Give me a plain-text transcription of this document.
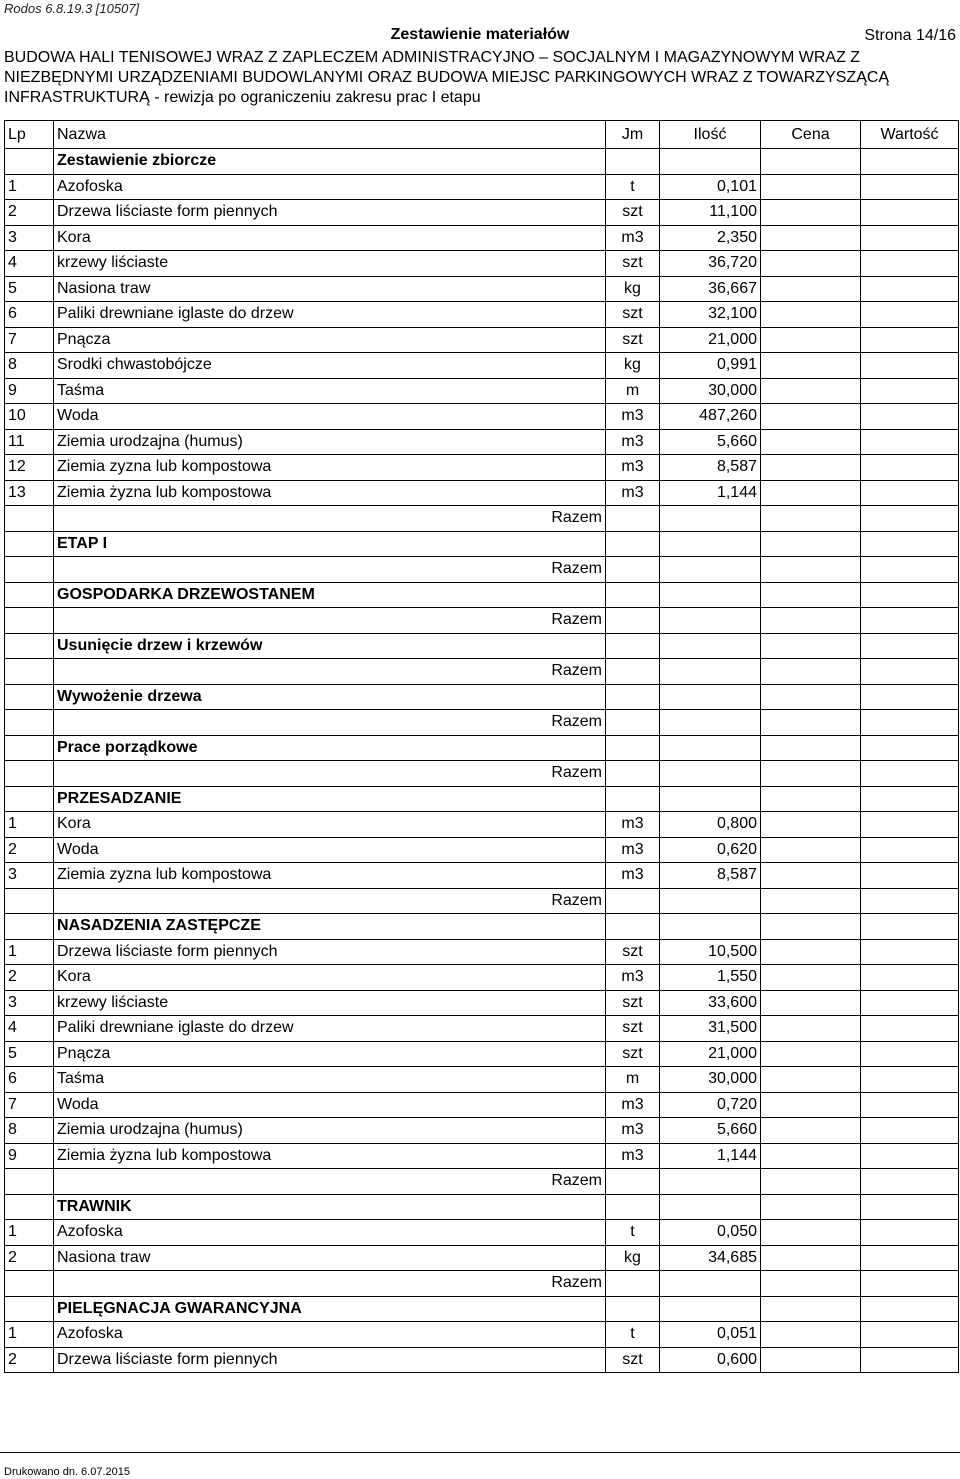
Rodos 6.8.19.3 [10507]
Zestawienie materiałów	Strona 14/16
BUDOWA HALI TENISOWEJ WRAZ Z ZAPLECZEM ADMINISTRACYJNO – SOCJALNYM I MAGAZYNOWYM WRAZ Z NIEZBĘDNYMI URZĄDZENIAMI BUDOWLANYMI ORAZ BUDOWA MIEJSC PARKINGOWYCH WRAZ Z TOWARZYSZĄCĄ INFRASTRUKTURĄ - rewizja po ograniczeniu zakresu prac I etapu
Lp	Nazwa	Jm	Ilość	Cena	Wartość
	Zestawienie zbiorcze				
1	Azofoska	t	0,101		
2	Drzewa liściaste form piennych	szt	11,100		
3	Kora	m3	2,350		
4	krzewy liściaste	szt	36,720		
5	Nasiona traw	kg	36,667		
6	Paliki drewniane iglaste do drzew	szt	32,100		
7	Pnącza	szt	21,000		
8	Srodki chwastobójcze	kg	0,991		
9	Taśma	m	30,000		
10	Woda	m3	487,260		
11	Ziemia urodzajna (humus)	m3	5,660		
12	Ziemia zyzna lub kompostowa	m3	8,587		
13	Ziemia żyzna lub kompostowa	m3	1,144		
	Razem				
	ETAP I				
	Razem				
	GOSPODARKA DRZEWOSTANEM				
	Razem				
	Usunięcie drzew i krzewów				
	Razem				
	Wywożenie drzewa				
	Razem				
	Prace porządkowe				
	Razem				
	PRZESADZANIE				
1	Kora	m3	0,800		
2	Woda	m3	0,620		
3	Ziemia zyzna lub kompostowa	m3	8,587		
	Razem				
	NASADZENIA ZASTĘPCZE				
1	Drzewa liściaste form piennych	szt	10,500		
2	Kora	m3	1,550		
3	krzewy liściaste	szt	33,600		
4	Paliki drewniane iglaste do drzew	szt	31,500		
5	Pnącza	szt	21,000		
6	Taśma	m	30,000		
7	Woda	m3	0,720		
8	Ziemia urodzajna (humus)	m3	5,660		
9	Ziemia żyzna lub kompostowa	m3	1,144		
	Razem				
	TRAWNIK				
1	Azofoska	t	0,050		
2	Nasiona traw	kg	34,685		
	Razem				
	PIELĘGNACJA GWARANCYJNA				
1	Azofoska	t	0,051		
2	Drzewa liściaste form piennych	szt	0,600		
Drukowano dn. 6.07.2015
